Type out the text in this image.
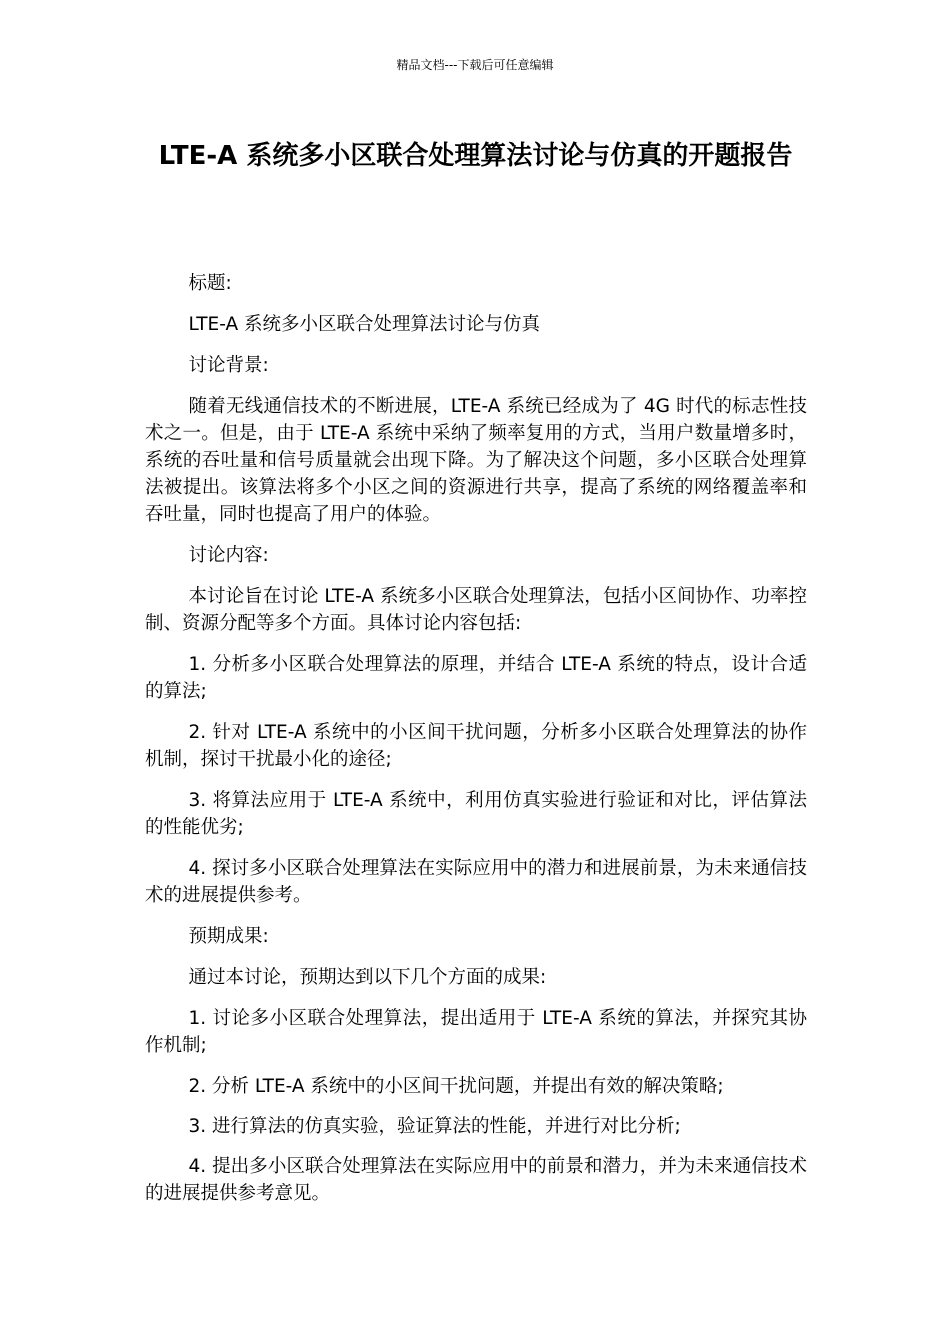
精品文档---下载后可任意编辑
LTE-A 系统多小区联合处理算法讨论与仿真的开题报告

标题:

LTE-A 系统多小区联合处理算法讨论与仿真

讨论背景:

随着无线通信技术的不断进展，LTE-A 系统已经成为了 4G 时代的标志性技术之一。但是，由于 LTE-A 系统中采纳了频率复用的方式，当用户数量增多时，系统的吞吐量和信号质量就会出现下降。为了解决这个问题，多小区联合处理算法被提出。该算法将多个小区之间的资源进行共享，提高了系统的网络覆盖率和吞吐量，同时也提高了用户的体验。

讨论内容:

本讨论旨在讨论 LTE-A 系统多小区联合处理算法，包括小区间协作、功率控制、资源分配等多个方面。具体讨论内容包括:

1. 分析多小区联合处理算法的原理，并结合 LTE-A 系统的特点，设计合适的算法;

2. 针对 LTE-A 系统中的小区间干扰问题，分析多小区联合处理算法的协作机制，探讨干扰最小化的途径;

3. 将算法应用于 LTE-A 系统中，利用仿真实验进行验证和对比，评估算法的性能优劣;

4. 探讨多小区联合处理算法在实际应用中的潜力和进展前景，为未来通信技术的进展提供参考。

预期成果:

通过本讨论，预期达到以下几个方面的成果:

1. 讨论多小区联合处理算法，提出适用于 LTE-A 系统的算法，并探究其协作机制;

2. 分析 LTE-A 系统中的小区间干扰问题，并提出有效的解决策略;

3. 进行算法的仿真实验，验证算法的性能，并进行对比分析;

4. 提出多小区联合处理算法在实际应用中的前景和潜力，并为未来通信技术的进展提供参考意见。
